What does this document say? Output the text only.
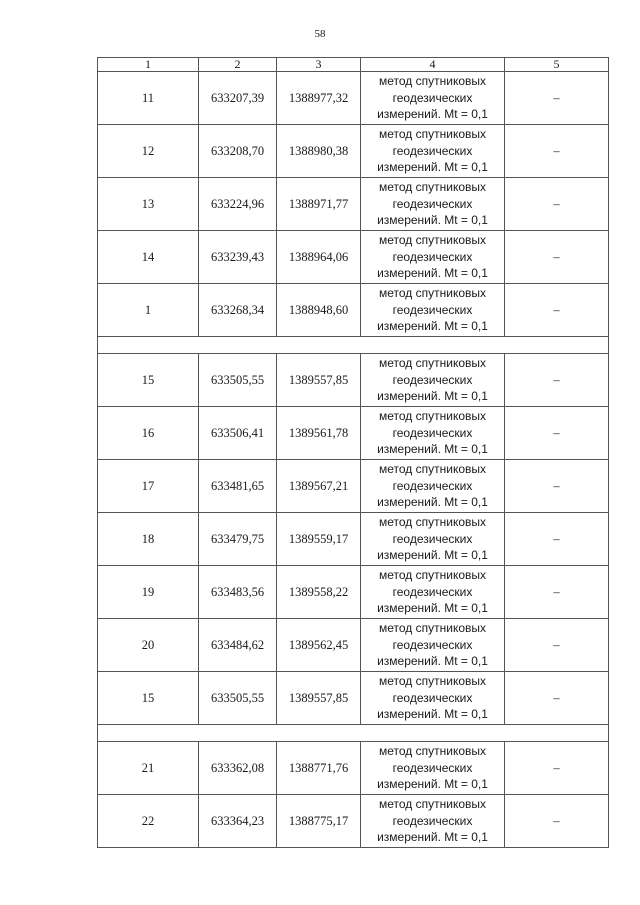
58
1	2	3	4	5
11	633207,39	1388977,32	метод спутниковых
геодезических
измерений. Mt = 0,1	–
12	633208,70	1388980,38	метод спутниковых
геодезических
измерений. Mt = 0,1	–
13	633224,96	1388971,77	метод спутниковых
геодезических
измерений. Mt = 0,1	–
14	633239,43	1388964,06	метод спутниковых
геодезических
измерений. Mt = 0,1	–
1	633268,34	1388948,60	метод спутниковых
геодезических
измерений. Mt = 0,1	–

15	633505,55	1389557,85	метод спутниковых
геодезических
измерений. Mt = 0,1	–
16	633506,41	1389561,78	метод спутниковых
геодезических
измерений. Mt = 0,1	–
17	633481,65	1389567,21	метод спутниковых
геодезических
измерений. Mt = 0,1	–
18	633479,75	1389559,17	метод спутниковых
геодезических
измерений. Mt = 0,1	–
19	633483,56	1389558,22	метод спутниковых
геодезических
измерений. Mt = 0,1	–
20	633484,62	1389562,45	метод спутниковых
геодезических
измерений. Mt = 0,1	–
15	633505,55	1389557,85	метод спутниковых
геодезических
измерений. Mt = 0,1	–

21	633362,08	1388771,76	метод спутниковых
геодезических
измерений. Mt = 0,1	–
22	633364,23	1388775,17	метод спутниковых
геодезических
измерений. Mt = 0,1	–
